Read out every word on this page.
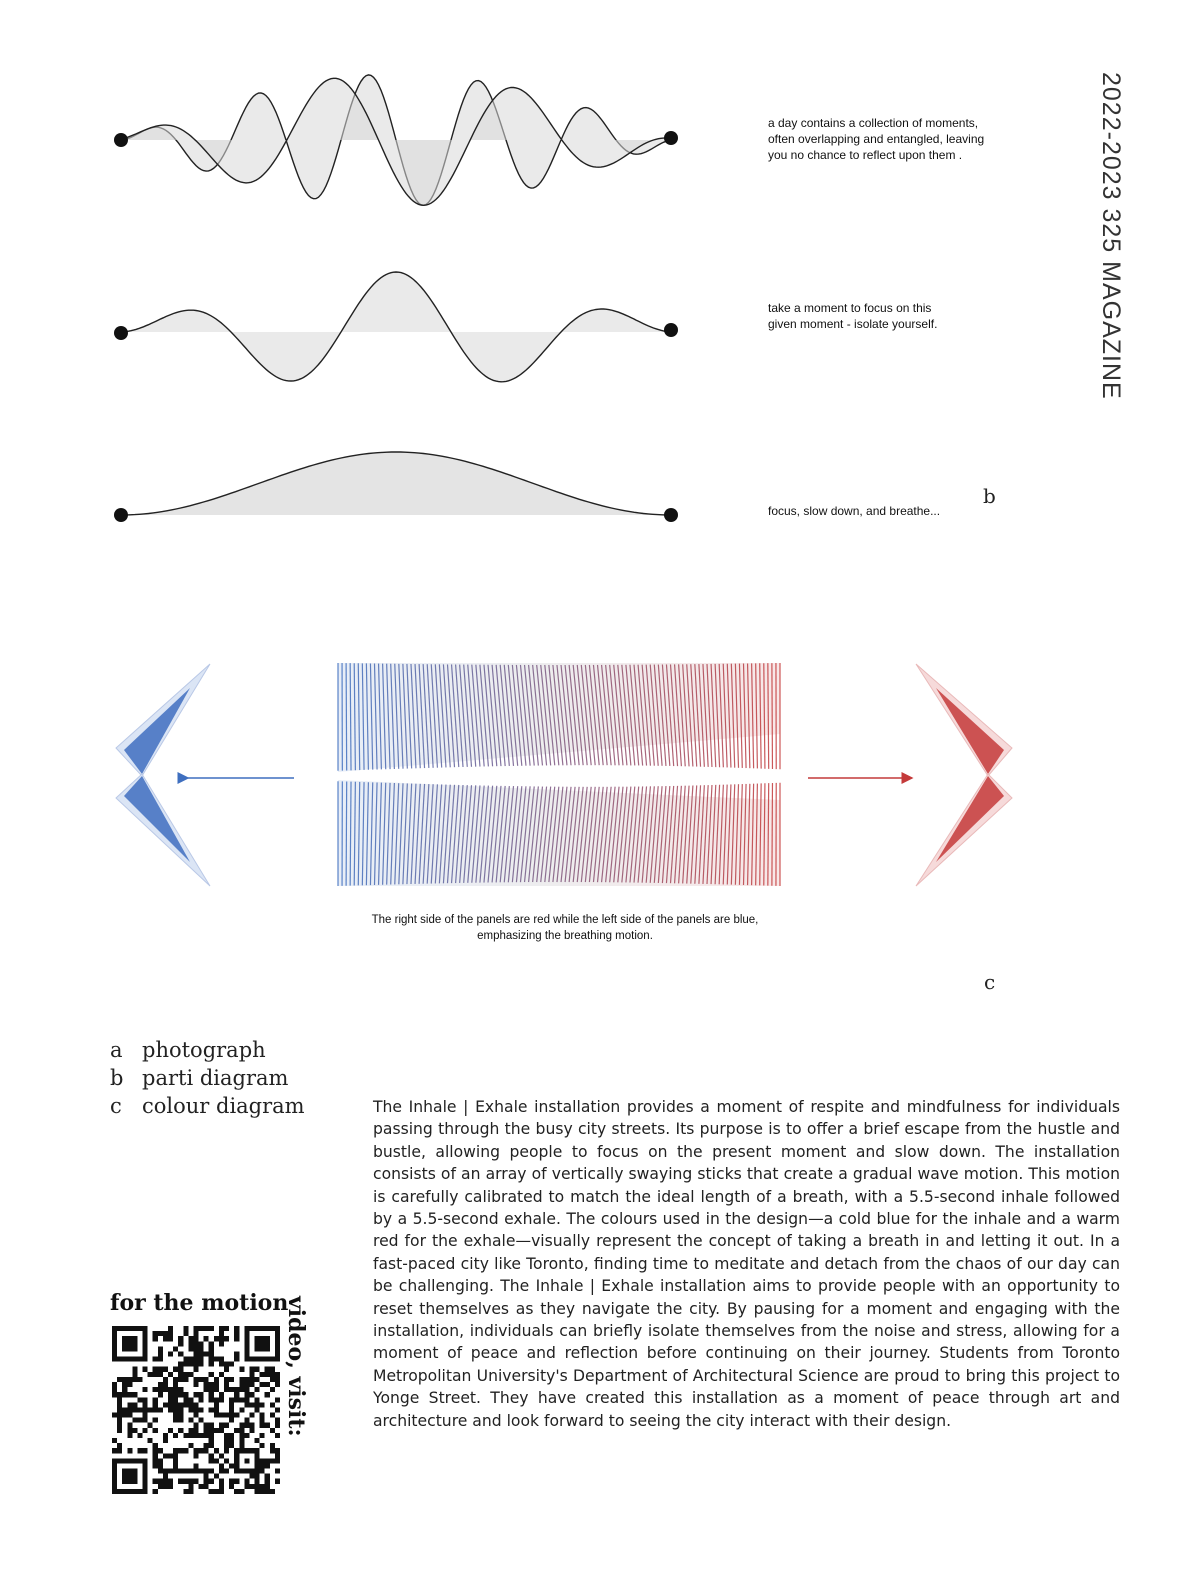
2022-2023 325 MAGAZINE
a day contains a collection of moments,
often overlapping and entangled, leaving
you no chance to reflect upon them .
take a moment to focus on this
given moment - isolate yourself.
focus, slow down, and breathe...
b
The right side of the panels are red while the left side of the panels are blue,
emphasizing the breathing motion.
c
a photograph
b parti diagram
c colour diagram	The Inhale | Exhale installation provides a moment of respite and mindfulness for individuals passing through the busy city streets. Its purpose is to offer a brief escape from the hustle and bustle, allowing people to focus on the present moment and slow down. The installation consists of an array of vertically swaying sticks that create a gradual wave motion. This motion is carefully calibrated to match the ideal length of a breath, with a 5.5-second inhale followed by a 5.5-second exhale. The colours used in the design—a cold blue for the inhale and a warm red for the exhale—visually represent the concept of taking a breath in and letting it out. In a fast-paced city like Toronto, finding time to meditate and detach from the chaos of our day can be challenging. The Inhale | Exhale installation aims to provide people with an opportunity to reset themselves as they navigate the city. By pausing for a moment and engaging with the installation, individuals can briefly isolate themselves from the noise and stress, allowing for a moment of peace and reflection before continuing on their journey. Students from Toronto Metropolitan University's Department of Architectural Science are proud to bring this project to Yonge Street. They have created this installation as a moment of peace through art and architecture and look forward to seeing the city interact with their design.
for the motion
video, visit:
